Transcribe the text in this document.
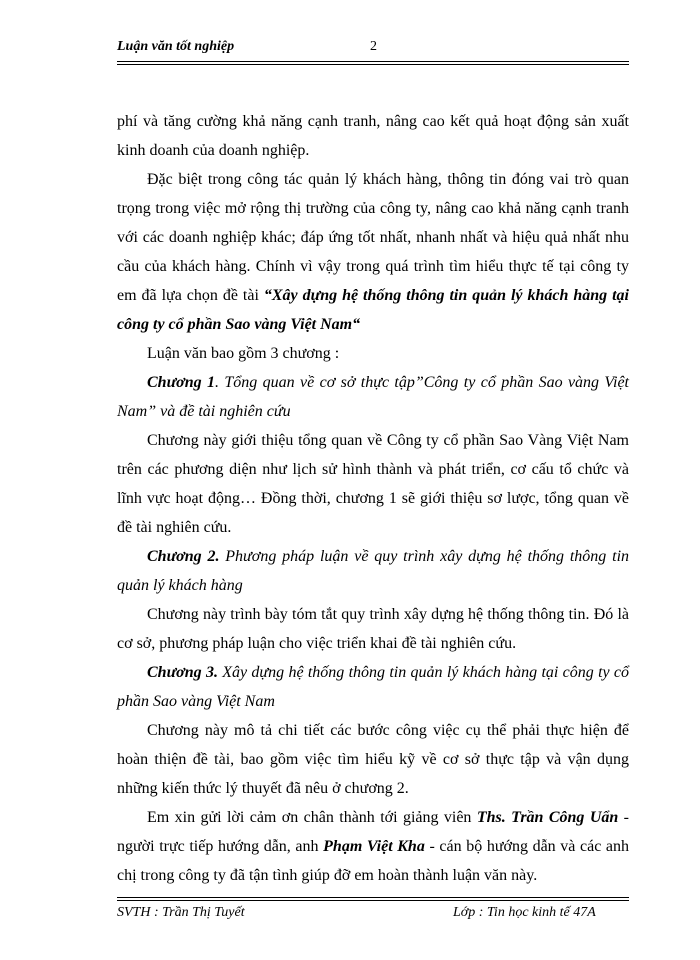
Luận văn tốt nghiệp	2

phí và tăng cường khả năng cạnh tranh, nâng cao kết quả hoạt động sản xuất kinh doanh của doanh nghiệp.

Đặc biệt trong công tác quản lý khách hàng, thông tin đóng vai trò quan trọng trong việc mở rộng thị trường của công ty, nâng cao khả năng cạnh tranh với các doanh nghiệp khác; đáp ứng tốt nhất, nhanh nhất và hiệu quả nhất nhu cầu của khách hàng. Chính vì vậy trong quá trình tìm hiểu thực tế tại công ty em đã lựa chọn đề tài “Xây dựng hệ thống thông tin quản lý khách hàng tại công ty cổ phần Sao vàng Việt Nam“

Luận văn bao gồm 3 chương :

Chương 1. Tổng quan về cơ sở thực tập”Công ty cổ phần Sao vàng Việt Nam” và đề tài nghiên cứu

Chương này giới thiệu tổng quan về Công ty cổ phần Sao Vàng Việt Nam trên các phương diện như lịch sử hình thành và phát triển, cơ cấu tổ chức và lĩnh vực hoạt động… Đồng thời, chương 1 sẽ giới thiệu sơ lược, tổng quan về đề tài nghiên cứu.

Chương 2. Phương pháp luận về quy trình xây dựng hệ thống thông tin quản lý khách hàng

Chương này trình bày tóm tắt quy trình xây dựng hệ thống thông tin. Đó là cơ sở, phương pháp luận cho việc triển khai đề tài nghiên cứu.

Chương 3. Xây dựng hệ thống thông tin quản lý khách hàng tại công ty cổ phần Sao vàng Việt Nam

Chương này mô tả chi tiết các bước công việc cụ thể phải thực hiện để hoàn thiện đề tài, bao gồm việc tìm hiểu kỹ về cơ sở thực tập và vận dụng những kiến thức lý thuyết đã nêu ở chương 2.

Em xin gửi lời cảm ơn chân thành tới giảng viên Ths. Trần Công Uẩn - người trực tiếp hướng dẫn, anh Phạm Việt Kha - cán bộ hướng dẫn và các anh chị trong công ty đã tận tình giúp đỡ em hoàn thành luận văn này.

SVTH : Trần Thị Tuyết	Lớp : Tin học kinh tế 47A
